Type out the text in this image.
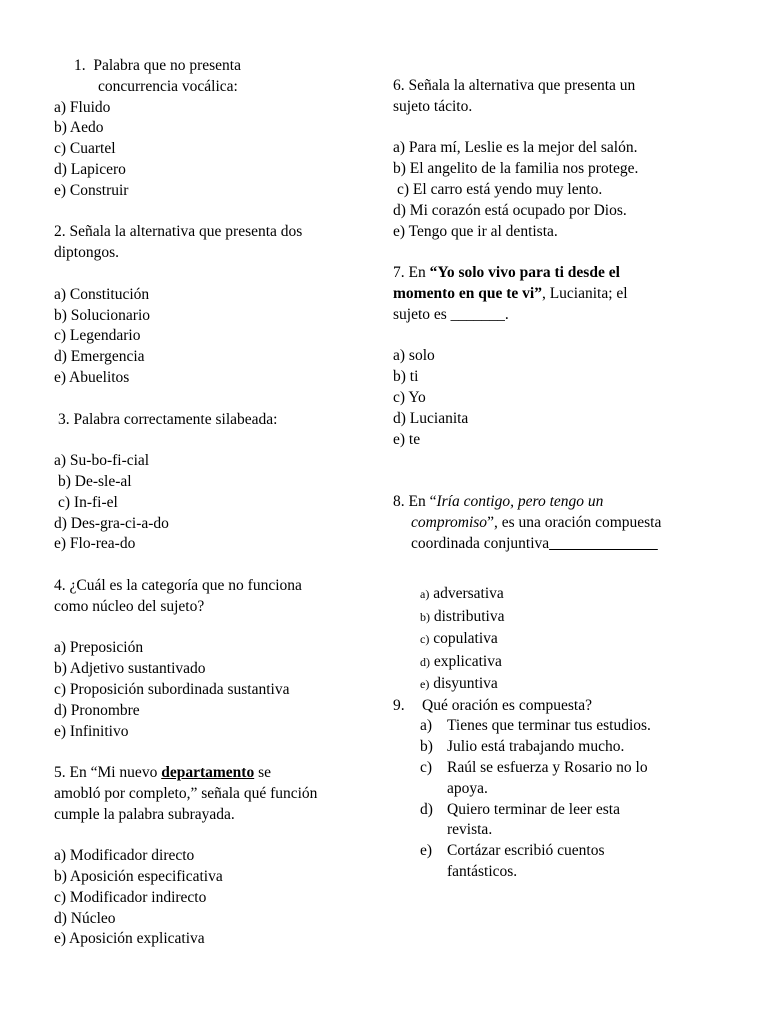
1. Palabra que no presenta
concurrencia vocálica:
a) Fluido
b) Aedo
c) Cuartel
d) Lapicero
e) Construir
2. Señala la alternativa que presenta dos
diptongos.
a) Constitución
b) Solucionario
c) Legendario
d) Emergencia
e) Abuelitos
3. Palabra correctamente silabeada:
a) Su-bo-fi-cial
b) De-sle-al
c) In-fi-el
d) Des-gra-ci-a-do
e) Flo-rea-do
4. ¿Cuál es la categoría que no funciona
como núcleo del sujeto?
a) Preposición
b) Adjetivo sustantivado
c) Proposición subordinada sustantiva
d) Pronombre
e) Infinitivo
5. En “Mi nuevo departamento se
amobló por completo,” señala qué función
cumple la palabra subrayada.
a) Modificador directo
b) Aposición especificativa
c) Modificador indirecto
d) Núcleo
e) Aposición explicativa
6. Señala la alternativa que presenta un
sujeto tácito.
a) Para mí, Leslie es la mejor del salón.
b) El angelito de la familia nos protege.
c) El carro está yendo muy lento.
d) Mi corazón está ocupado por Dios.
e) Tengo que ir al dentista.
7. En “Yo solo vivo para ti desde el
momento en que te vi”, Lucianita; el
sujeto es _______.
a) solo
b) ti
c) Yo
d) Lucianita
e) te
8. En “Iría contigo, pero tengo un
compromiso”, es una oración compuesta
coordinada conjuntiva______________
a) adversativa
b) distributiva
c) copulativa
d) explicativa
e) disyuntiva
9.	Qué oración es compuesta?
a) Tienes que terminar tus estudios.
b) Julio está trabajando mucho.
c) Raúl se esfuerza y Rosario no lo apoya.
d) Quiero terminar de leer esta revista.
e) Cortázar escribió cuentos fantásticos.
